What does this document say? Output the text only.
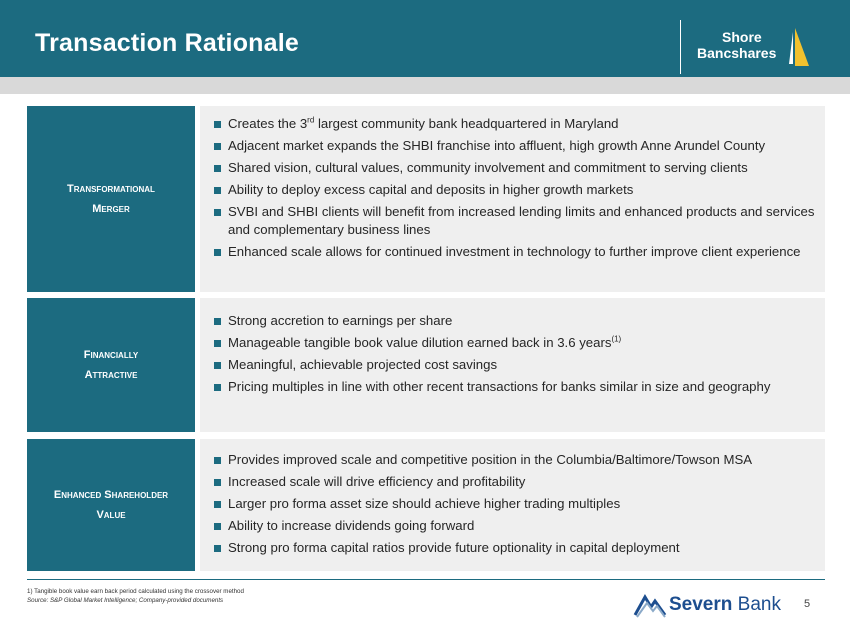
Transaction Rationale	Shore
Bancshares
Transformational
Merger
Creates the 3rd largest community bank headquartered in Maryland
Adjacent market expands the SHBI franchise into affluent, high growth Anne Arundel County
Shared vision, cultural values, community involvement and commitment to serving clients
Ability to deploy excess capital and deposits in higher growth markets
SVBI and SHBI clients will benefit from increased lending limits and enhanced products and services and complementary business lines
Enhanced scale allows for continued investment in technology to further improve client experience
Financially
Attractive
Strong accretion to earnings per share
Manageable tangible book value dilution earned back in 3.6 years$^{(1)}$
Meaningful, achievable projected cost savings
Pricing multiples in line with other recent transactions for banks similar in size and geography
Enhanced Shareholder
Value
Provides improved scale and competitive position in the Columbia/Baltimore/Towson MSA
Increased scale will drive efficiency and profitability
Larger pro forma asset size should achieve higher trading multiples
Ability to increase dividends going forward
Strong pro forma capital ratios provide future optionality in capital deployment
1) Tangible book value earn back period calculated using the crossover method
Source: S&P Global Market Intelligence; Company-provided documents	Severn Bank 5
